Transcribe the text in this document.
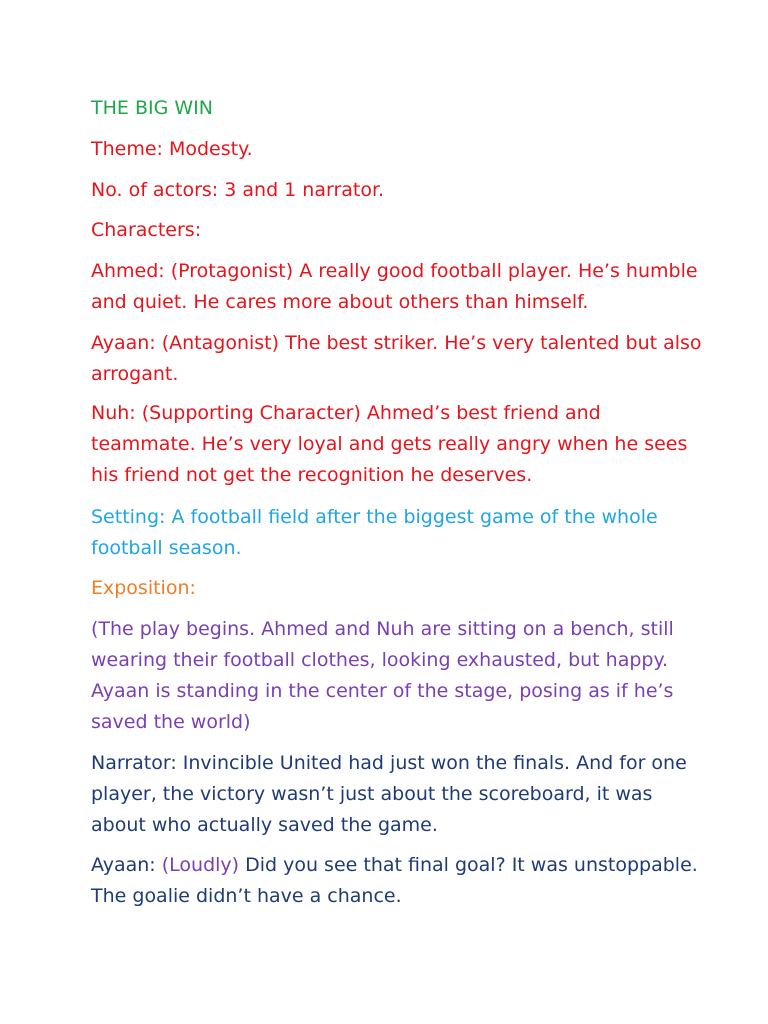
THE BIG WIN

Theme: Modesty.

No. of actors: 3 and 1 narrator.

Characters:

Ahmed: (Protagonist) A really good football player. He’s humble
and quiet. He cares more about others than himself.

Ayaan: (Antagonist) The best striker. He’s very talented but also
arrogant.

Nuh: (Supporting Character) Ahmed’s best friend and
teammate. He’s very loyal and gets really angry when he sees
his friend not get the recognition he deserves.

Setting: A football field after the biggest game of the whole
football season.

Exposition:

(The play begins. Ahmed and Nuh are sitting on a bench, still
wearing their football clothes, looking exhausted, but happy.
Ayaan is standing in the center of the stage, posing as if he’s
saved the world)

Narrator: Invincible United had just won the finals. And for one
player, the victory wasn’t just about the scoreboard, it was
about who actually saved the game.

Ayaan: (Loudly) Did you see that final goal? It was unstoppable.
The goalie didn’t have a chance.
